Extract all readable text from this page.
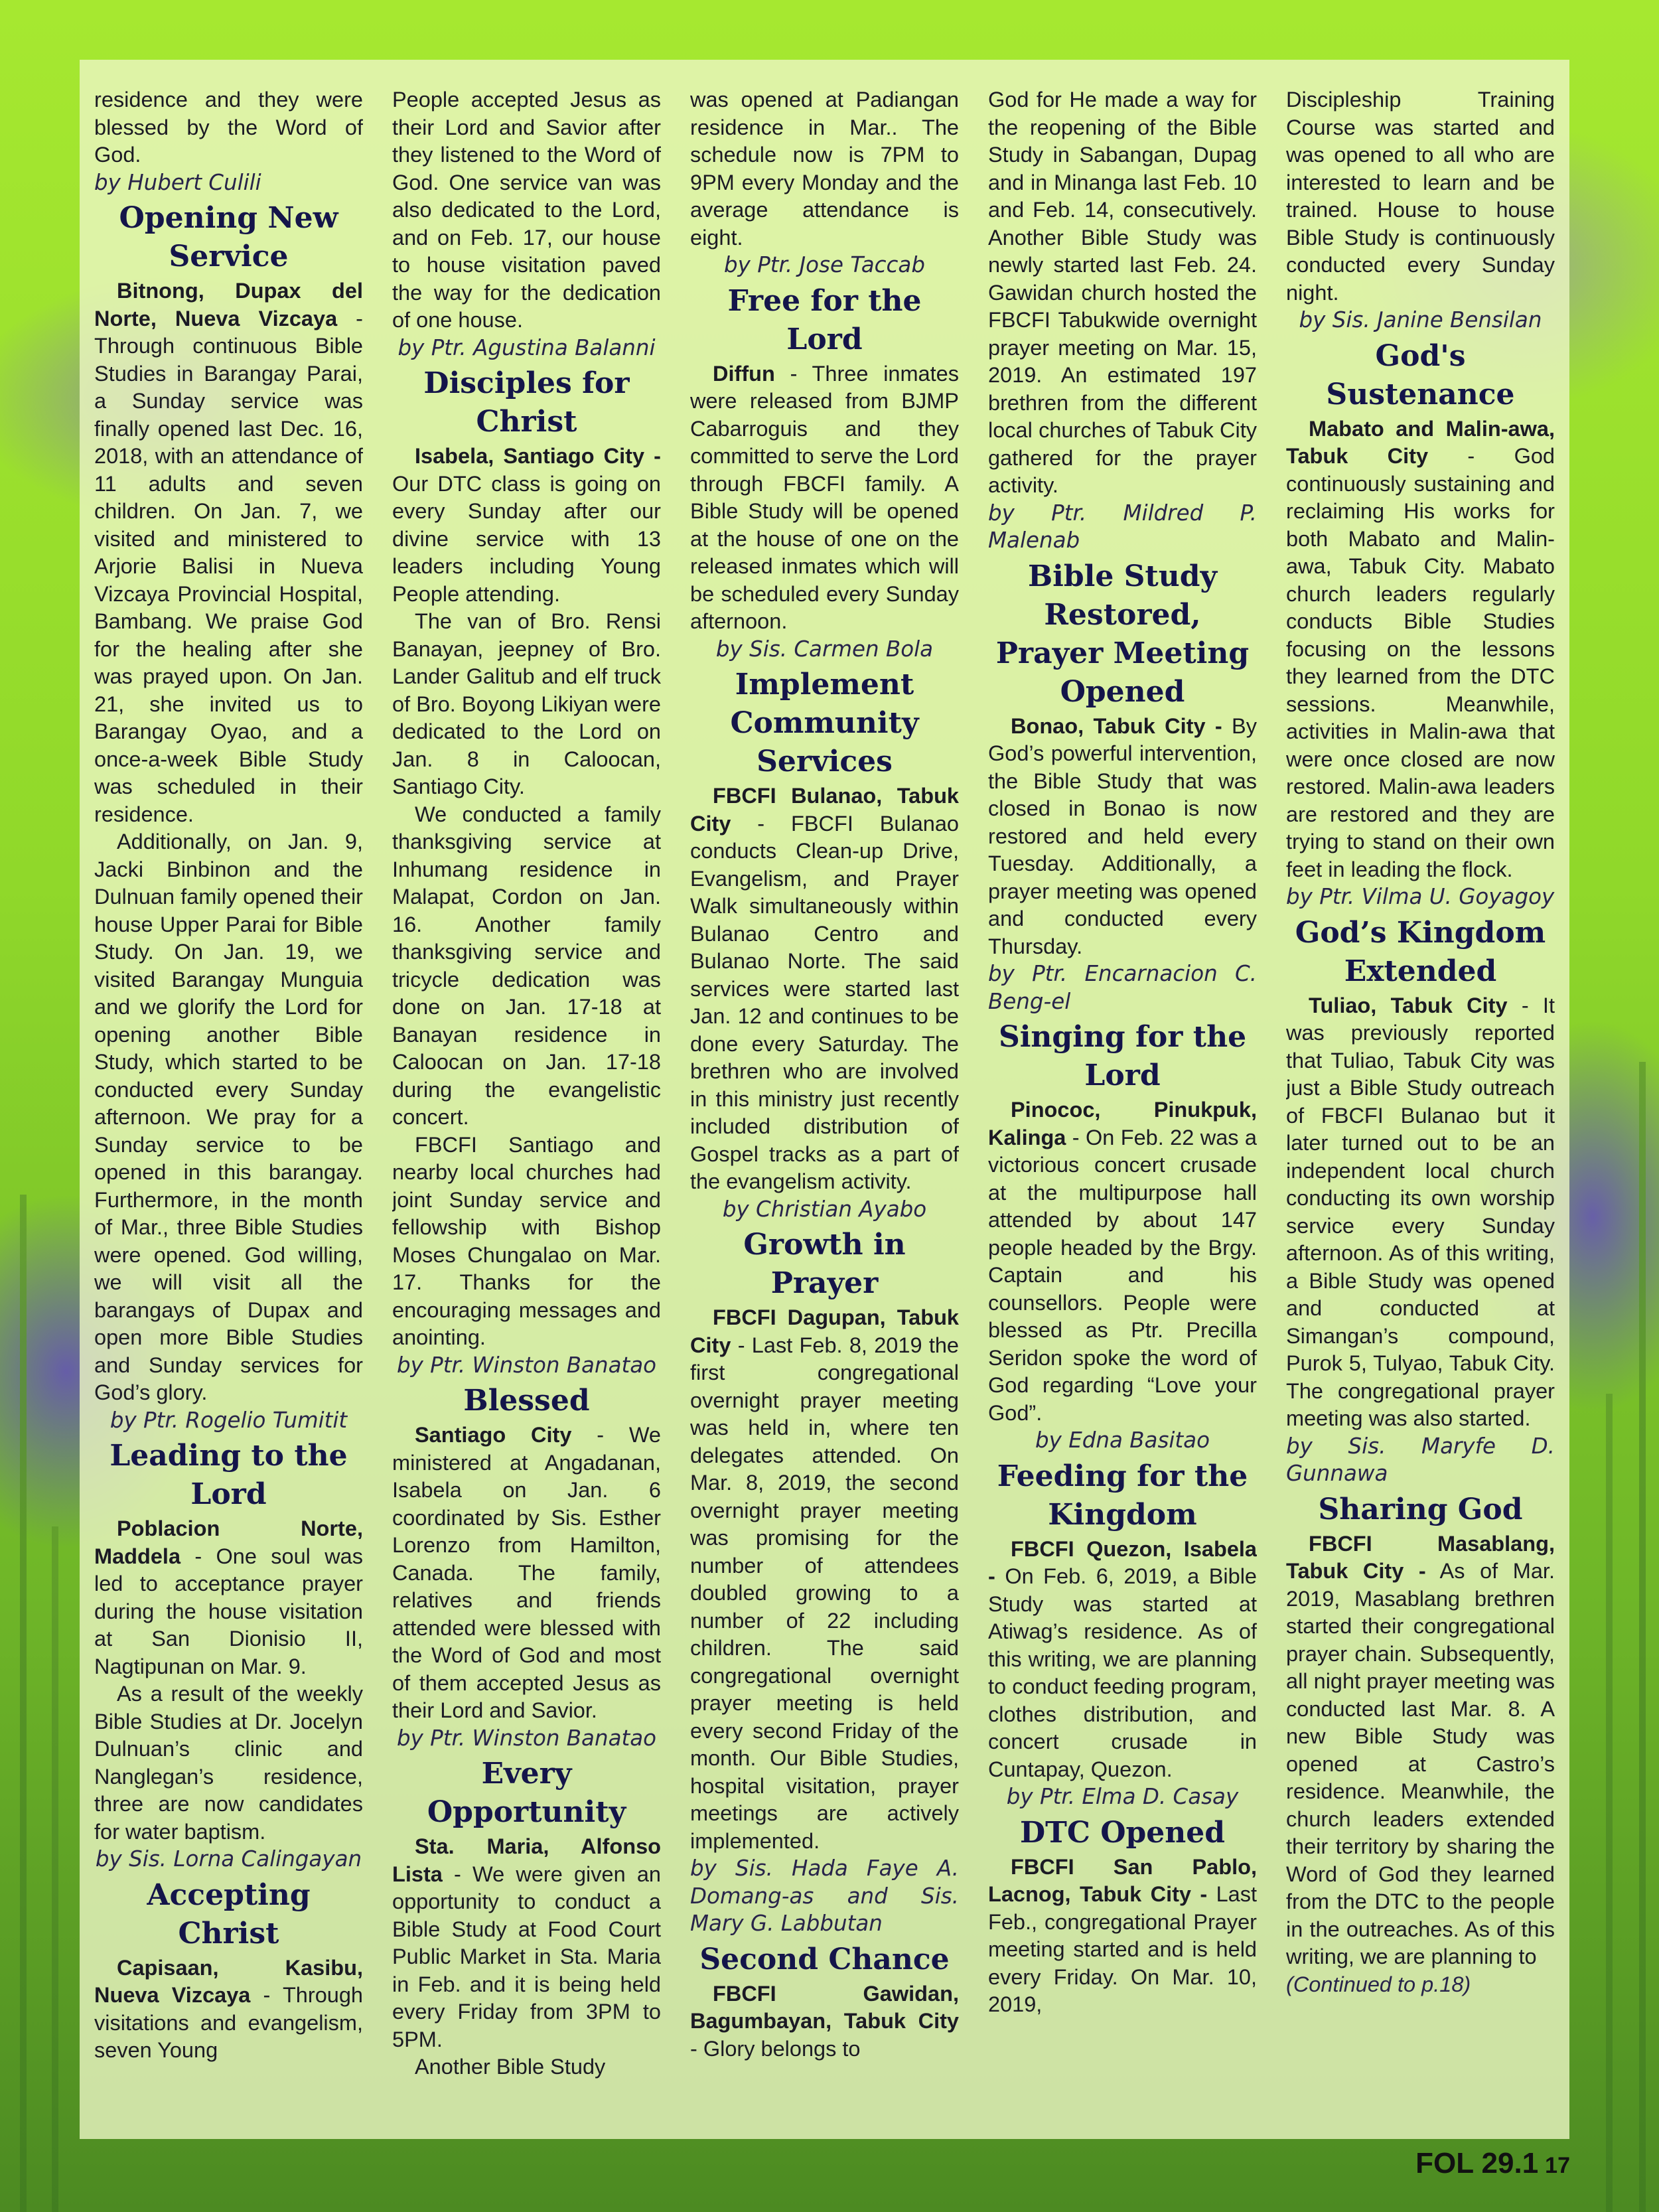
residence and they were blessed by the Word of God.

by Hubert Culili

Opening New Service

Bitnong, Dupax del Norte, Nueva Vizcaya - Through continuous Bible Studies in Barangay Parai, a Sunday service was finally opened last Dec. 16, 2018, with an attendance of 11 adults and seven children. On Jan. 7, we visited and ministered to Arjorie Balisi in Nueva Vizcaya Provincial Hospital, Bambang. We praise God for the healing after she was prayed upon. On Jan. 21, she invited us to Barangay Oyao, and a once-a-week Bible Study was scheduled in their residence.

Additionally, on Jan. 9, Jacki Binbinon and the Dulnuan family opened their house Upper Parai for Bible Study. On Jan. 19, we visited Barangay Munguia and we glorify the Lord for opening another Bible Study, which started to be conducted every Sunday afternoon. We pray for a Sunday service to be opened in this barangay. Furthermore, in the month of Mar., three Bible Studies were opened. God willing, we will visit all the barangays of Dupax and open more Bible Studies and Sunday services for God’s glory.

by Ptr. Rogelio Tumitit

Leading to the Lord

Poblacion Norte, Maddela - One soul was led to acceptance prayer during the house visitation at San Dionisio II, Nagtipunan on Mar. 9.

As a result of the weekly Bible Studies at Dr. Jocelyn Dulnuan’s clinic and Nanglegan’s residence, three are now candidates for water baptism.

by Sis. Lorna Calingayan

Accepting Christ

Capisaan, Kasibu, Nueva Vizcaya - Through visitations and evangelism, seven Young

People accepted Jesus as their Lord and Savior after they listened to the Word of God. One service van was also dedicated to the Lord, and on Feb. 17, our house to house visitation paved the way for the dedication of one house.

by Ptr. Agustina Balanni

Disciples for Christ

Isabela, Santiago City - Our DTC class is going on every Sunday after our divine service with 13 leaders including Young People attending.

The van of Bro. Rensi Banayan, jeepney of Bro. Lander Galitub and elf truck of Bro. Boyong Likiyan were dedicated to the Lord on Jan. 8 in Caloocan, Santiago City.

We conducted a family thanksgiving service at Inhumang residence in Malapat, Cordon on Jan. 16. Another family thanksgiving service and tricycle dedication was done on Jan. 17-18 at Banayan residence in Caloocan on Jan. 17-18 during the evangelistic concert.

FBCFI Santiago and nearby local churches had joint Sunday service and fellowship with Bishop Moses Chungalao on Mar. 17. Thanks for the encouraging messages and anointing.

by Ptr. Winston Banatao

Blessed

Santiago City - We ministered at Angadanan, Isabela on Jan. 6 coordinated by Sis. Esther Lorenzo from Hamilton, Canada. The family, relatives and friends attended were blessed with the Word of God and most of them accepted Jesus as their Lord and Savior.

by Ptr. Winston Banatao

Every Opportunity

Sta. Maria, Alfonso Lista - We were given an opportunity to conduct a Bible Study at Food Court Public Market in Sta. Maria in Feb. and it is being held every Friday from 3PM to 5PM.

Another Bible Study

was opened at Padiangan residence in Mar.. The schedule now is 7PM to 9PM every Monday and the average attendance is eight.

by Ptr. Jose Taccab

Free for the Lord

Diffun - Three inmates were released from BJMP Cabarroguis and they committed to serve the Lord through FBCFI family. A Bible Study will be opened at the house of one on the released inmates which will be scheduled every Sunday afternoon.

by Sis. Carmen Bola

Implement Community Services

FBCFI Bulanao, Tabuk City - FBCFI Bulanao conducts Clean-up Drive, Evangelism, and Prayer Walk simultaneously within Bulanao Centro and Bulanao Norte. The said services were started last Jan. 12 and continues to be done every Saturday. The brethren who are involved in this ministry just recently included distribution of Gospel tracks as a part of the evangelism activity.

by Christian Ayabo

Growth in Prayer

FBCFI Dagupan, Tabuk City - Last Feb. 8, 2019 the first congregational overnight prayer meeting was held in, where ten delegates attended. On Mar. 8, 2019, the second overnight prayer meeting was promising for the number of attendees doubled growing to a number of 22 including children. The said congregational overnight prayer meeting is held every second Friday of the month. Our Bible Studies, hospital visitation, prayer meetings are actively implemented.

by Sis. Hada Faye A. Domang-as and Sis. Mary G. Labbutan

Second Chance

FBCFI Gawidan, Bagumbayan, Tabuk City - Glory belongs to

God for He made a way for the reopening of the Bible Study in Sabangan, Dupag and in Minanga last Feb. 10 and Feb. 14, consecutively. Another Bible Study was newly started last Feb. 24. Gawidan church hosted the FBCFI Tabukwide overnight prayer meeting on Mar. 15, 2019. An estimated 197 brethren from the different local churches of Tabuk City gathered for the prayer activity.

by Ptr. Mildred P. Malenab

Bible Study Restored, Prayer Meeting Opened

Bonao, Tabuk City - By God’s powerful intervention, the Bible Study that was closed in Bonao is now restored and held every Tuesday. Additionally, a prayer meeting was opened and conducted every Thursday.

by Ptr. Encarnacion C. Beng-el

Singing for the Lord

Pinococ, Pinukpuk, Kalinga - On Feb. 22 was a victorious concert crusade at the multipurpose hall attended by about 147 people headed by the Brgy. Captain and his counsellors. People were blessed as Ptr. Precilla Seridon spoke the word of God regarding “Love your God”.

by Edna Basitao

Feeding for the Kingdom

FBCFI Quezon, Isabela - On Feb. 6, 2019, a Bible Study was started at Atiwag’s residence. As of this writing, we are planning to conduct feeding program, clothes distribution, and concert crusade in Cuntapay, Quezon.

by Ptr. Elma D. Casay

DTC Opened

FBCFI San Pablo, Lacnog, Tabuk City - Last Feb., congregational Prayer meeting started and is held every Friday. On Mar. 10, 2019,

Discipleship Training Course was started and was opened to all who are interested to learn and be trained. House to house Bible Study is continuously conducted every Sunday night.

by Sis. Janine Bensilan

God's Sustenance

Mabato and Malin-awa, Tabuk City - God continuously sustaining and reclaiming His works for both Mabato and Malin-awa, Tabuk City. Mabato church leaders regularly conducts Bible Studies focusing on the lessons they learned from the DTC sessions. Meanwhile, activities in Malin-awa that were once closed are now restored. Malin-awa leaders are restored and they are trying to stand on their own feet in leading the flock.

by Ptr. Vilma U. Goyagoy

God’s Kingdom Extended

Tuliao, Tabuk City - It was previously reported that Tuliao, Tabuk City was just a Bible Study outreach of FBCFI Bulanao but it later turned out to be an independent local church conducting its own worship service every Sunday afternoon. As of this writing, a Bible Study was opened and conducted at Simangan’s compound, Purok 5, Tulyao, Tabuk City. The congregational prayer meeting was also started.

by Sis. Maryfe D. Gunnawa

Sharing God

FBCFI Masablang, Tabuk City - As of Mar. 2019, Masablang brethren started their congregational prayer chain. Subsequently, all night prayer meeting was conducted last Mar. 8. A new Bible Study was opened at Castro’s residence. Meanwhile, the church leaders extended their territory by sharing the Word of God they learned from the DTC to the people in the outreaches. As of this writing, we are planning to

(Continued to p.18)

FOL 29.1 17
